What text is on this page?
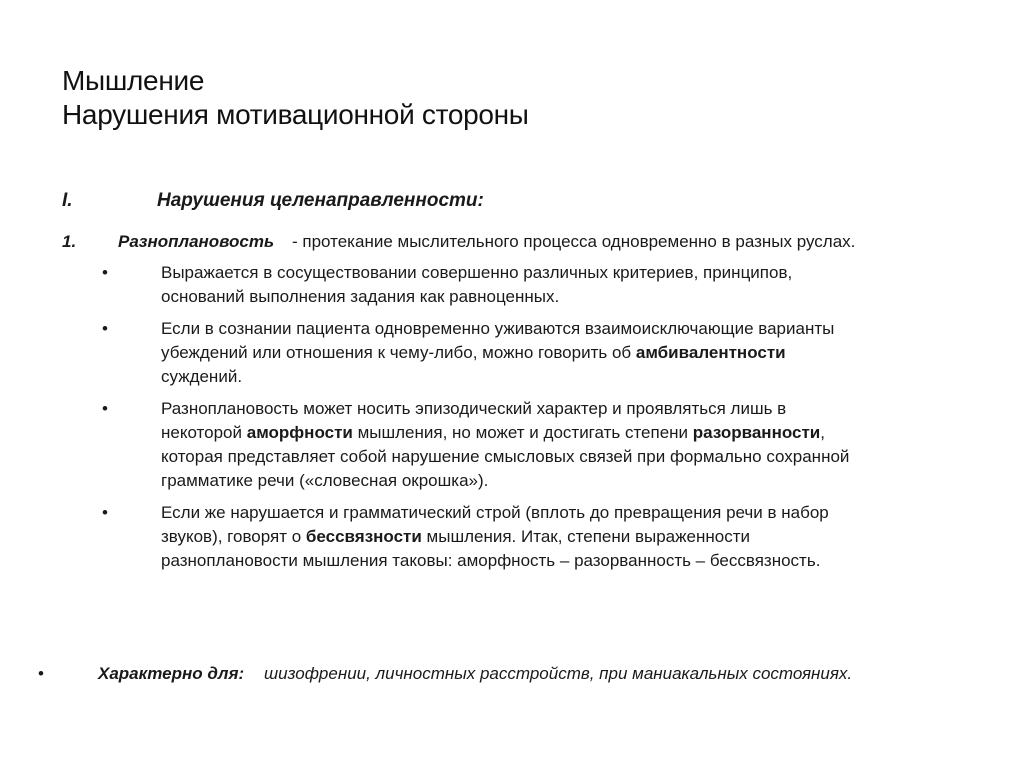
Мышление
Нарушения мотивационной стороны
I.	Нарушения целенаправленности:
1. Разноплановость - протекание мыслительного процесса одновременно в разных руслах.
•	Выражается в сосуществовании совершенно различных критериев, принципов,
оснований выполнения задания как равноценных.
•	Если в сознании пациента одновременно уживаются взаимоисключающие варианты
убеждений или отношения к чему-либо, можно говорить об амбивалентности
суждений.
•	Разноплановость может носить эпизодический характер и проявляться лишь в
некоторой аморфности мышления, но может и достигать степени разорванности,
которая представляет собой нарушение смысловых связей при формально сохранной
грамматике речи («словесная окрошка»).
•	Если же нарушается и грамматический строй (вплоть до превращения речи в набор
звуков), говорят о бессвязности мышления. Итак, степени выраженности
разноплановости мышления таковы: аморфность – разорванность – бессвязность.
•	Характерно для: шизофрении, личностных расстройств, при маниакальных состояниях.
